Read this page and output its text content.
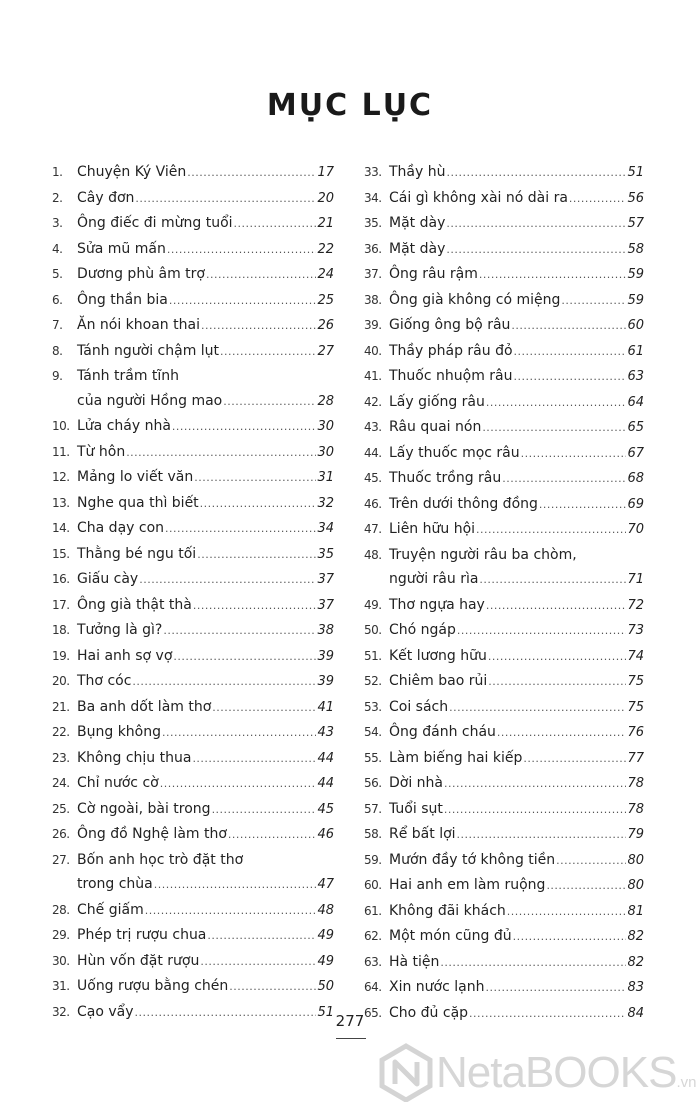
MỤC LỤC
1.	Chuyện Ký Viên .....	17
2.	Cây đơn .....	20
3.	Ông điếc đi mừng tuổi .....	21
4.	Sửa mũ mấn .....	22
5.	Dương phù âm trợ .....	24
6.	Ông thần bia .....	25
7.	Ăn nói khoan thai .....	26
8.	Tánh người chậm lụt .....	27
9.	Tánh trầm tĩnh
của người Hồng mao .....	28
10. Lửa cháy nhà .....	30
11. Từ hôn .....	30
12. Mảng lo viết văn .....	31
13. Nghe qua thì biết .....	32
14. Cha dạy con .....	34
15. Thằng bé ngu tối .....	35
16. Giấu cày .....	37
17. Ông già thật thà .....	37
18. Tưởng là gì? .....	38
19. Hai anh sợ vợ .....	39
20. Thơ cóc .....	39
21. Ba anh dốt làm thơ .....	41
22. Bụng không .....	43
23. Không chịu thua .....	44
24. Chỉ nước cờ .....	44
25. Cờ ngoài, bài trong .....	45
26. Ông đồ Nghệ làm thơ .....	46
27. Bốn anh học trò đặt thơ
trong chùa .....	47
28. Chế giấm .....	48
29. Phép trị rượu chua .....	49
30. Hùn vốn đặt rượu .....	49
31. Uống rượu bằng chén .....	50
32. Cạo vẩy .....	51
33. Thầy hù .....	51
34. Cái gì không xài nó dài ra .....	56
35. Mặt dày .....	57
36. Mặt dày .....	58
37. Ông râu rậm .....	59
38. Ông già không có miệng .....	59
39. Giống ông bộ râu .....	60
40. Thầy pháp râu đỏ .....	61
41. Thuốc nhuộm râu .....	63
42. Lấy giống râu .....	64
43. Râu quai nón .....	65
44. Lấy thuốc mọc râu .....	67
45. Thuốc trồng râu .....	68
46. Trên dưới thông đồng .....	69
47. Liên hữu hội .....	70
48. Truyện người râu ba chòm,
người râu rìa .....	71
49. Thơ ngựa hay .....	72
50. Chó ngáp .....	73
51. Kết lương hữu .....	74
52. Chiêm bao rủi .....	75
53. Coi sách .....	75
54. Ông đánh cháu .....	76
55. Làm biếng hai kiếp .....	77
56. Dời nhà .....	78
57. Tuổi sụt .....	78
58. Rể bất lợi .....	79
59. Mướn đầy tớ không tiền .....	80
60. Hai anh em làm ruộng .....	80
61. Không đãi khách .....	81
62. Một món cũng đủ .....	82
63. Hà tiện .....	82
64. Xin nước lạnh .....	83
65. Cho đủ cặp .....	84
277
NetaBOOKS.vn
